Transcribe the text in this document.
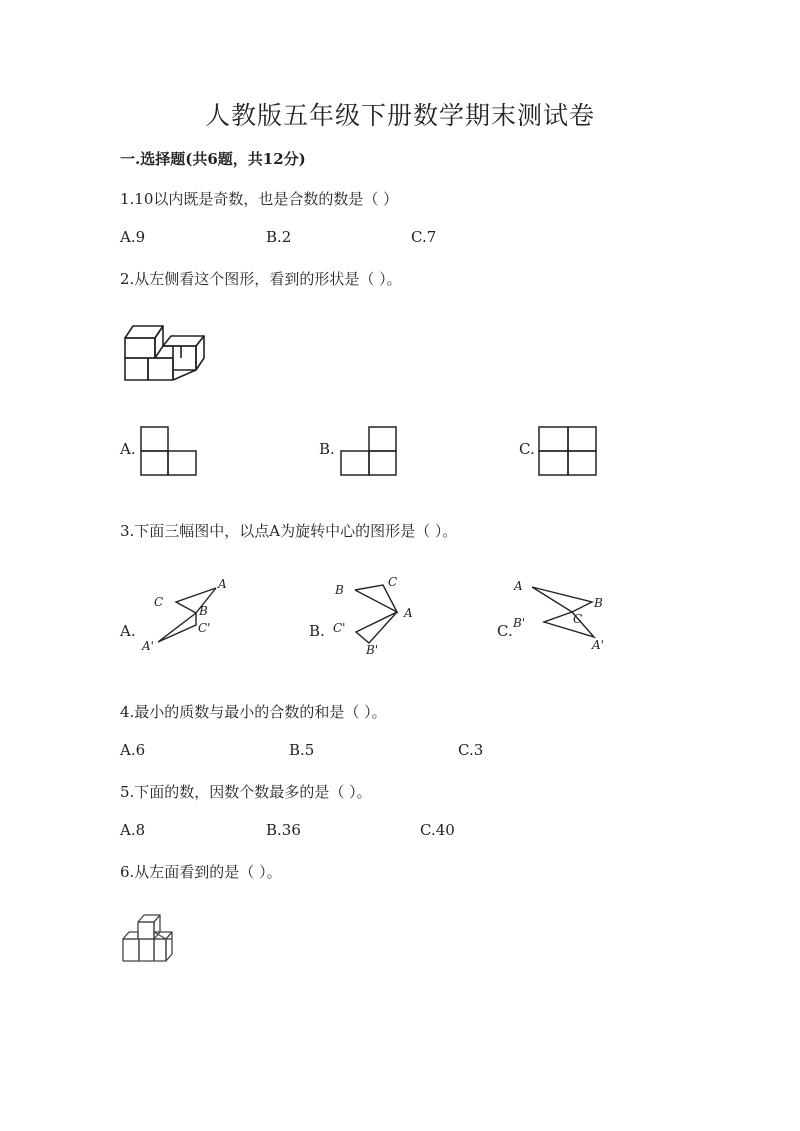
人教版五年级下册数学期末测试卷
一.选择题(共6题，共12分)
1.10以内既是奇数，也是合数的数是（ ）
A.9	B.2	C.7
2.从左侧看这个图形，看到的形状是（ ）。
A.	B.	C.
3.下面三幅图中，以点A为旋转中心的图形是（ ）。
A.
A
B
C
C'
A'
B.
B
C
A
C'
B'
C.
A
B
C
B'
A'
4.最小的质数与最小的合数的和是（ ）。
A.6	B.5	C.3
5.下面的数，因数个数最多的是（ ）。
A.8	B.36	C.40
6.从左面看到的是（ ）。
